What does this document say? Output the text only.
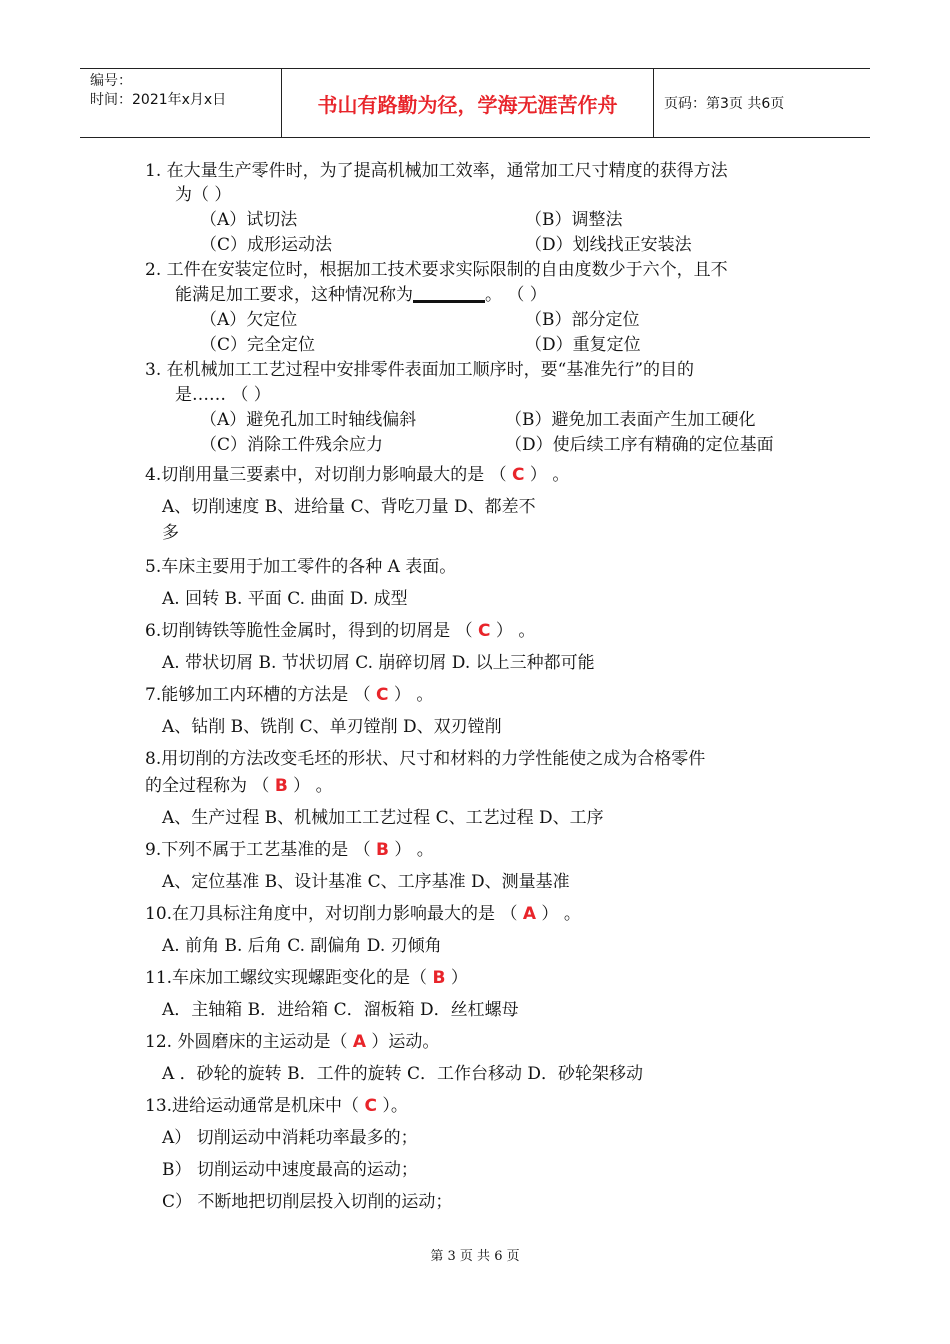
编号：
时间：2021年x月x日	书山有路勤为径，学海无涯苦作舟	页码：第3页 共6页
1. 在大量生产零件时，为了提高机械加工效率，通常加工尺寸精度的获得方法
为（ ）
（A）试切法	（B）调整法
（C）成形运动法	（D）划线找正安装法
2. 工件在安装定位时，根据加工技术要求实际限制的自由度数少于六个，且不
能满足加工要求，这种情况称为	。 （ ）
（A）欠定位	（B）部分定位
（C）完全定位	（D）重复定位
3. 在机械加工工艺过程中安排零件表面加工顺序时，要“基准先行”的目的
是…… （ ）
（A）避免孔加工时轴线偏斜	（B）避免加工表面产生加工硬化
（C）消除工件残余应力	（D）使后续工序有精确的定位基面
4.切削用量三要素中，对切削力影响最大的是 （ C ） 。
A、切削速度 B、进给量 C、背吃刀量 D、都差不
多
5.车床主要用于加工零件的各种 A 表面。
A. 回转 B. 平面 C. 曲面 D. 成型
6.切削铸铁等脆性金属时，得到的切屑是 （ C ） 。
A. 带状切屑 B. 节状切屑 C. 崩碎切屑 D. 以上三种都可能
7.能够加工内环槽的方法是 （ C ） 。
A、钻削 B、铣削 C、单刃镗削 D、双刃镗削
8.用切削的方法改变毛坯的形状、尺寸和材料的力学性能使之成为合格零件
的全过程称为 （ B ） 。
A、生产过程 B、机械加工工艺过程 C、工艺过程 D、工序
9.下列不属于工艺基准的是 （ B ） 。
A、定位基准 B、设计基准 C、工序基准 D、测量基准
10.在刀具标注角度中，对切削力影响最大的是 （ A ） 。
A. 前角 B. 后角 C. 副偏角 D. 刃倾角
11.车床加工螺纹实现螺距变化的是（ B ）
A．主轴箱 B．进给箱 C．溜板箱 D．丝杠螺母
12. 外圆磨床的主运动是（ A ）运动。
A ．砂轮的旋转 B．工件的旋转 C．工作台移动 D．砂轮架移动
13.进给运动通常是机床中（ C ）。
A） 切削运动中消耗功率最多的；
B） 切削运动中速度最高的运动；
C） 不断地把切削层投入切削的运动；
第 3 页 共 6 页
